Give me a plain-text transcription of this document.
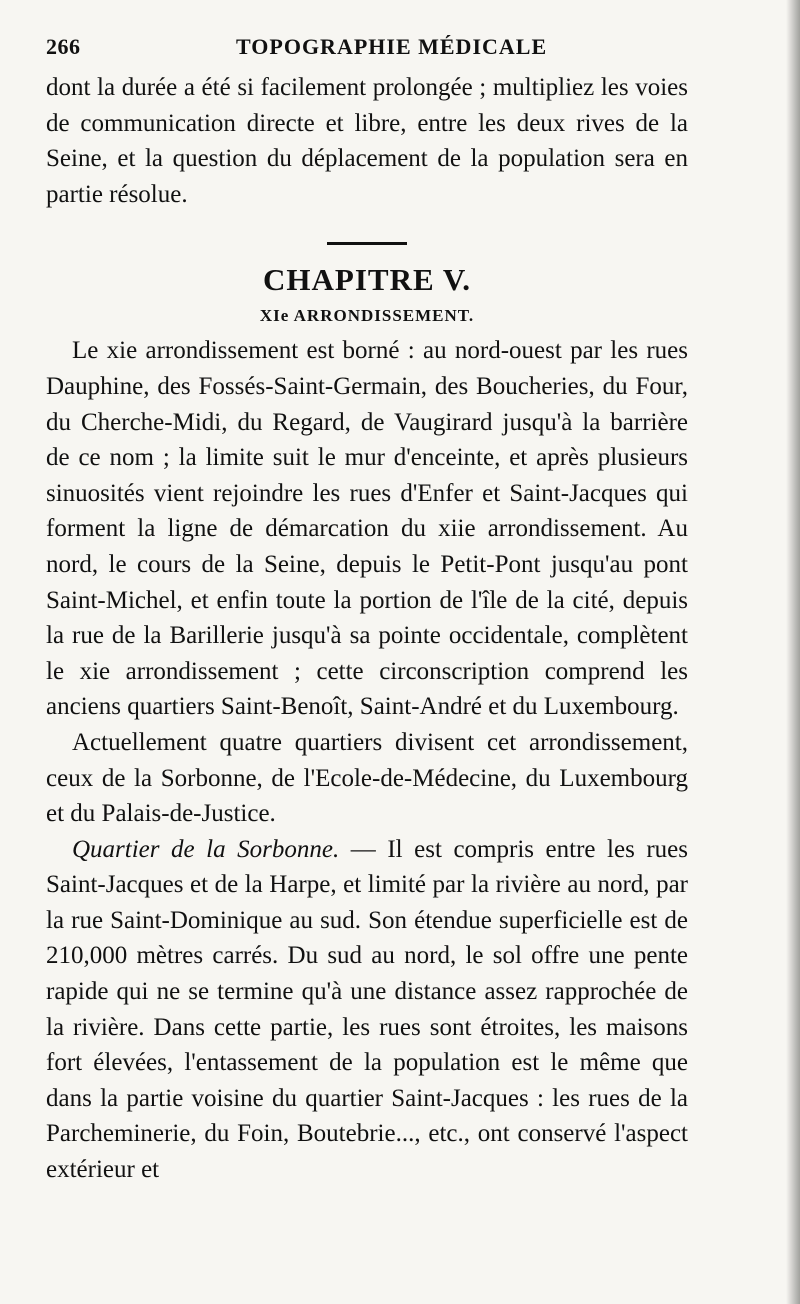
266	TOPOGRAPHIE MÉDICALE

dont la durée a été si facilement prolongée ; multipliez les voies de communication directe et libre, entre les deux rives de la Seine, et la question du déplacement de la population sera en partie résolue.

CHAPITRE V.
XIe ARRONDISSEMENT.

Le xie arrondissement est borné : au nord-ouest par les rues Dauphine, des Fossés-Saint-Germain, des Boucheries, du Four, du Cherche-Midi, du Regard, de Vaugirard jusqu'à la barrière de ce nom ; la limite suit le mur d'enceinte, et après plusieurs sinuosités vient rejoindre les rues d'Enfer et Saint-Jacques qui forment la ligne de démarcation du xiie arrondissement. Au nord, le cours de la Seine, depuis le Petit-Pont jusqu'au pont Saint-Michel, et enfin toute la portion de l'île de la cité, depuis la rue de la Barillerie jusqu'à sa pointe occidentale, complètent le xie arrondissement ; cette circonscription comprend les anciens quartiers Saint-Benoît, Saint-André et du Luxembourg.

Actuellement quatre quartiers divisent cet arrondissement, ceux de la Sorbonne, de l'Ecole-de-Médecine, du Luxembourg et du Palais-de-Justice.

Quartier de la Sorbonne. — Il est compris entre les rues Saint-Jacques et de la Harpe, et limité par la rivière au nord, par la rue Saint-Dominique au sud. Son étendue superficielle est de 210,000 mètres carrés. Du sud au nord, le sol offre une pente rapide qui ne se termine qu'à une distance assez rapprochée de la rivière. Dans cette partie, les rues sont étroites, les maisons fort élevées, l'entassement de la population est le même que dans la partie voisine du quartier Saint-Jacques : les rues de la Parcheminerie, du Foin, Boutebrie..., etc., ont conservé l'aspect extérieur et
